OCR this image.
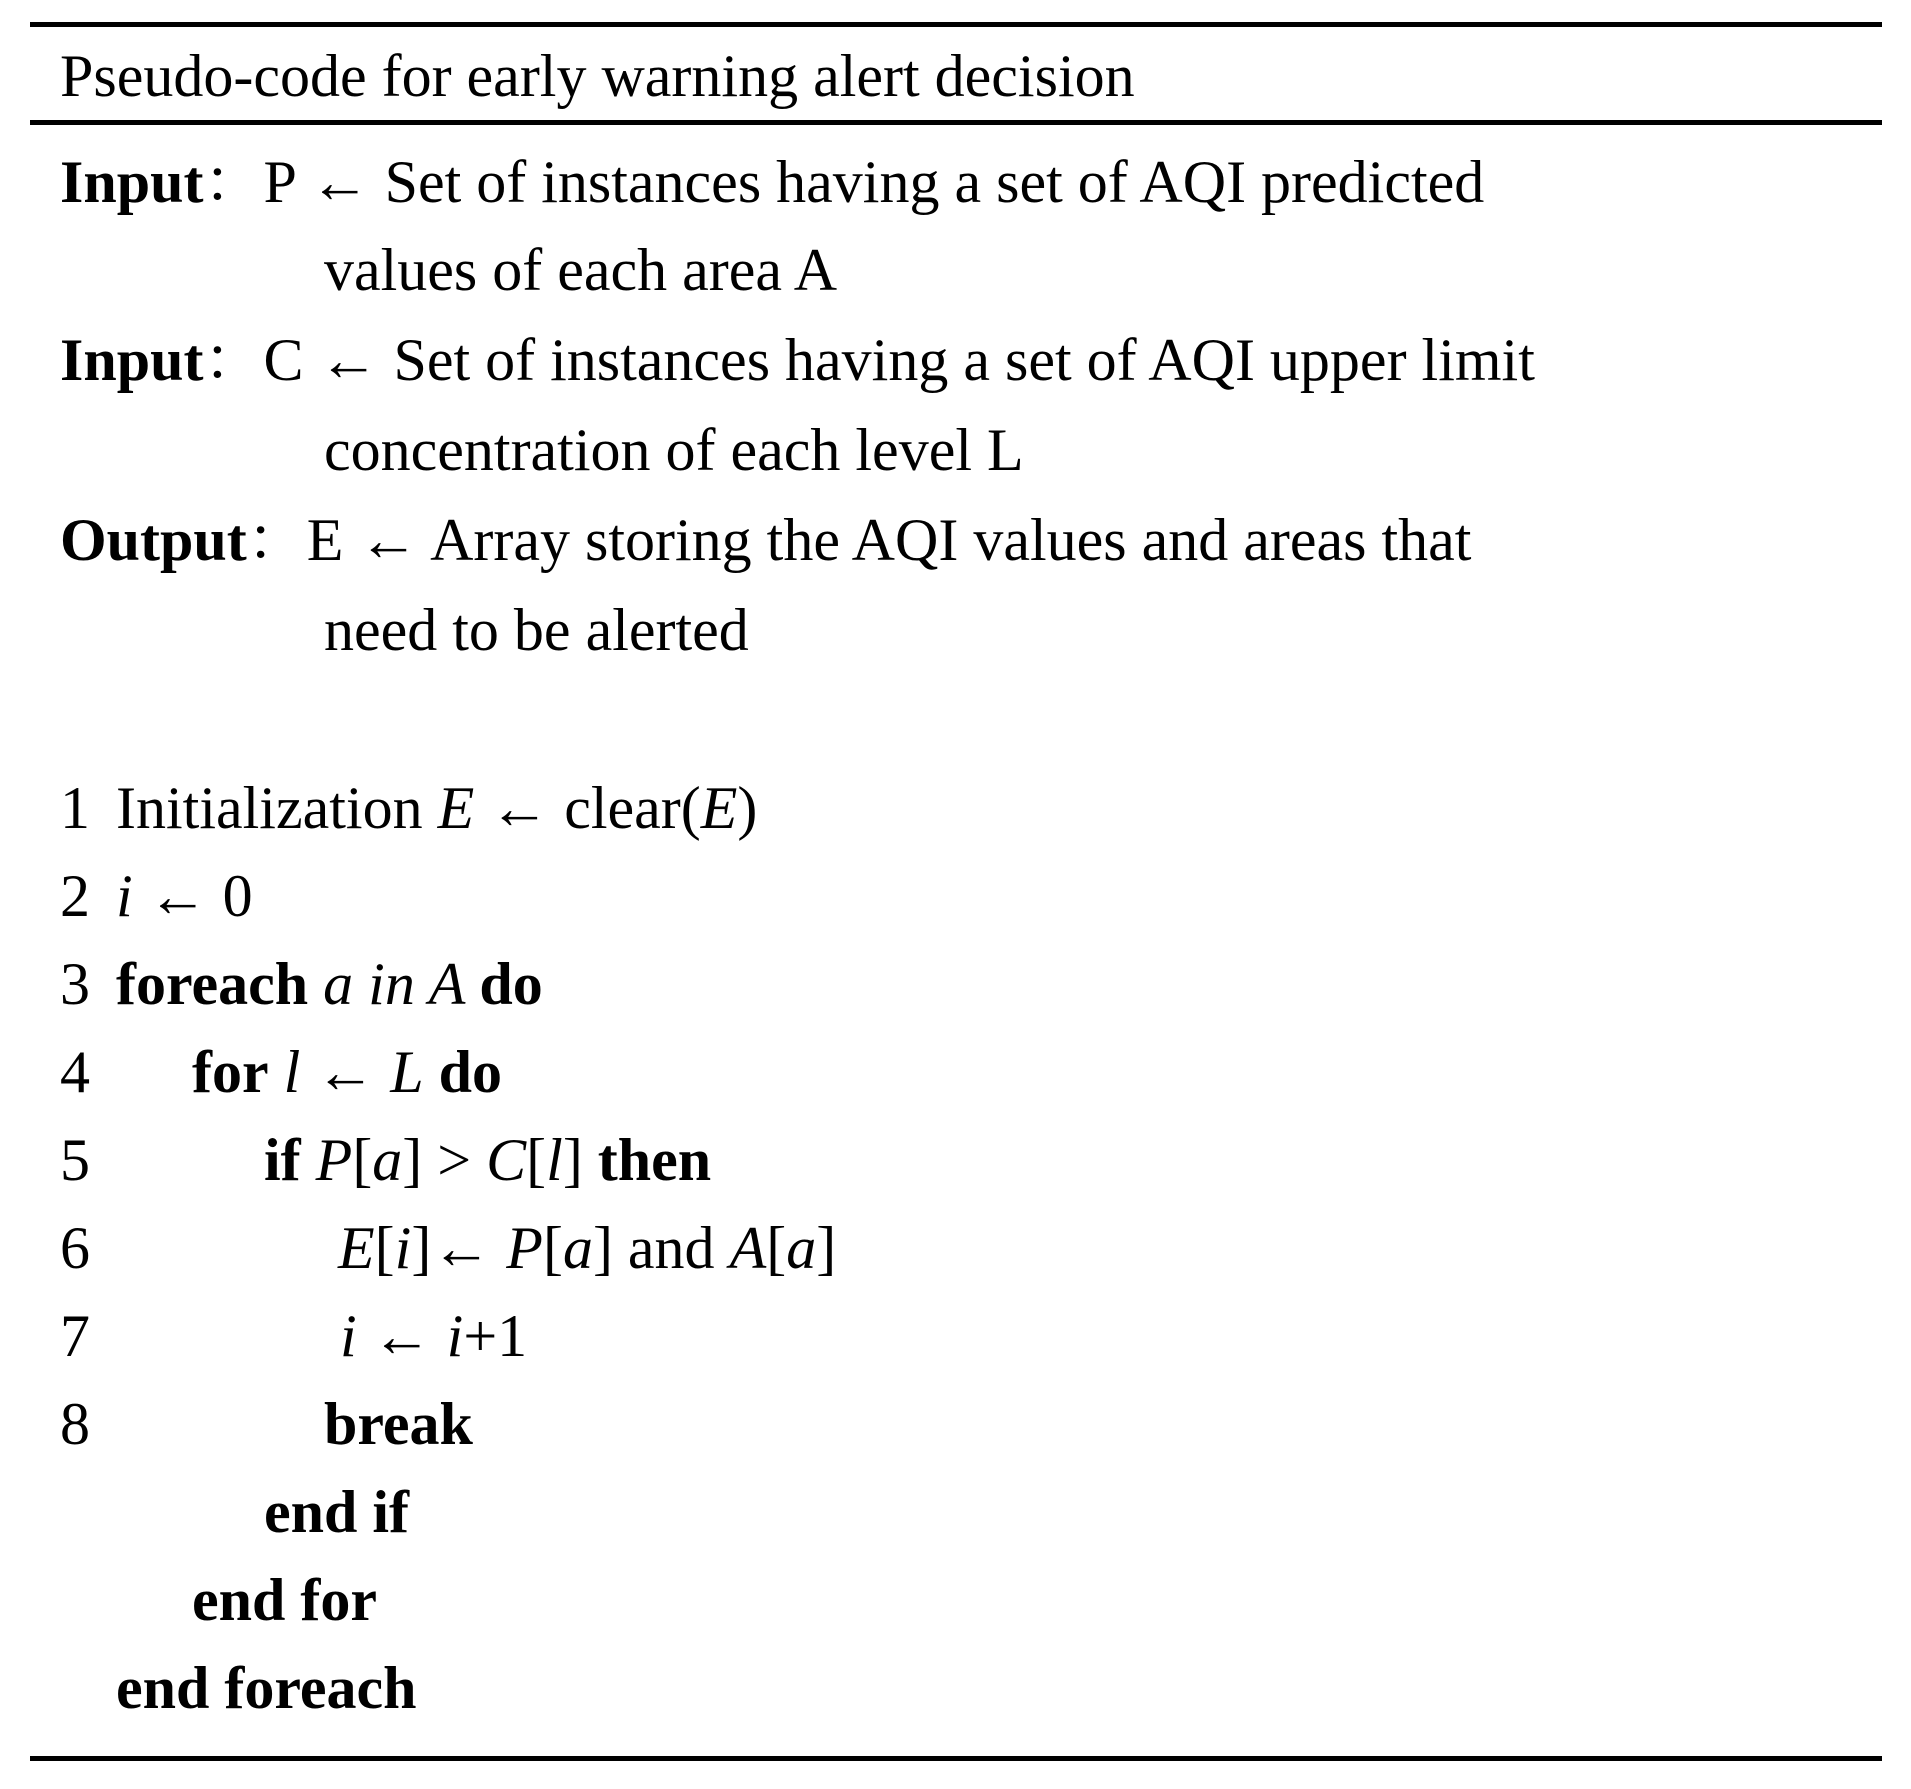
Pseudo-code for early warning alert decision
Input：P ← Set of instances having a set of AQI predicted
values of each area A
Input：C ← Set of instances having a set of AQI upper limit
concentration of each level L
Output：E ← Array storing the AQI values and areas that
need to be alerted
1
2
3
4
5
6
7
8
Initialization E ← clear(E)
i ← 0
foreach a in A do
for l ← L do
if P[a] > C[l] then
E[i]← P[a] and A[a]
i ← i+1
break
end if
end for
end foreach
